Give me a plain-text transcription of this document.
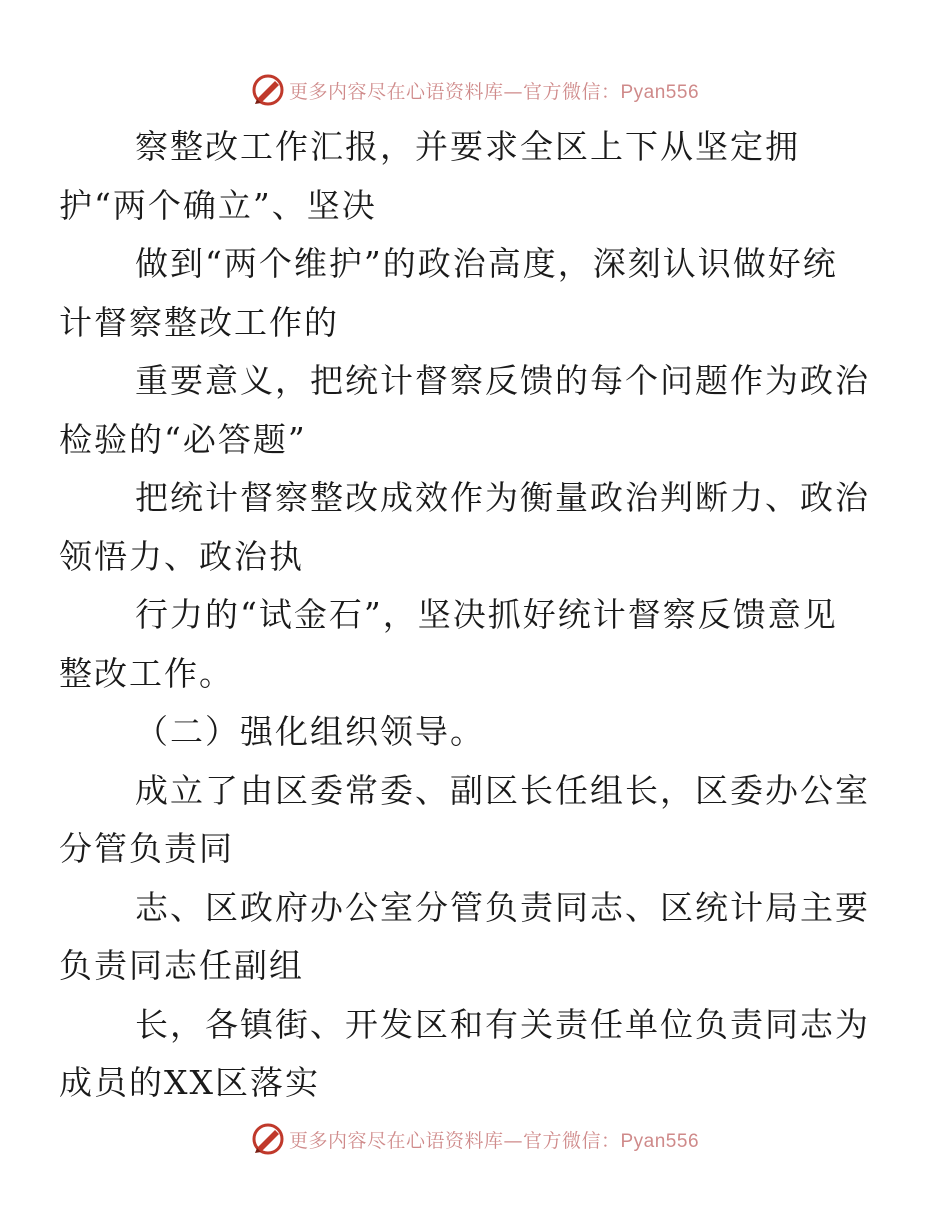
更多内容尽在心语资料库—官方微信：Pyan556

察整改工作汇报，并要求全区上下从坚定拥
护“两个确立”、坚决

做到“两个维护”的政治高度，深刻认识做好统
计督察整改工作的

重要意义，把统计督察反馈的每个问题作为政治
检验的“必答题”

把统计督察整改成效作为衡量政治判断力、政治
领悟力、政治执

行力的“试金石”，坚决抓好统计督察反馈意见
整改工作。

（二）强化组织领导。

成立了由区委常委、副区长任组长，区委办公室
分管负责同

志、区政府办公室分管负责同志、区统计局主要
负责同志任副组

长，各镇街、开发区和有关责任单位负责同志为
成员的XX区落实

更多内容尽在心语资料库—官方微信：Pyan556
